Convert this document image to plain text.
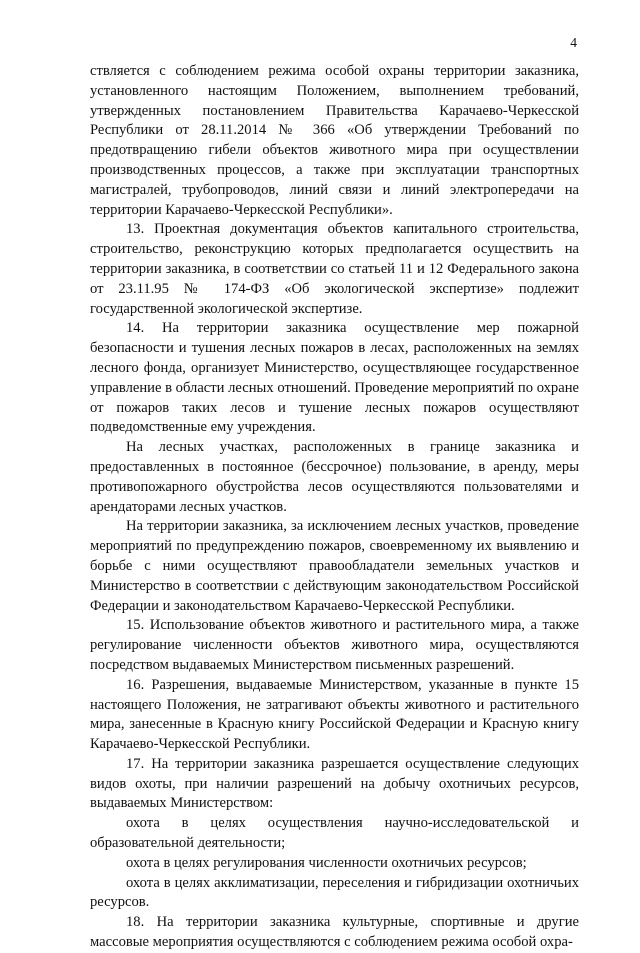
4

ствляется с соблюдением режима особой охраны территории заказника, установленного настоящим Положением, выполнением требований, утвержденных постановлением Правительства Карачаево-Черкесской Республики от 28.11.2014 № 366 «Об утверждении Требований по предотвращению гибели объектов животного мира при осуществлении производственных процессов, а также при эксплуатации транспортных магистралей, трубопроводов, линий связи и линий электропередачи на территории Карачаево-Черкесской Республики».

13. Проектная документация объектов капитального строительства, строительство, реконструкцию которых предполагается осуществить на территории заказника, в соответствии со статьей 11 и 12 Федерального закона от 23.11.95 № 174-ФЗ «Об экологической экспертизе» подлежит государственной экологической экспертизе.

14. На территории заказника осуществление мер пожарной безопасности и тушения лесных пожаров в лесах, расположенных на землях лесного фонда, организует Министерство, осуществляющее государственное управление в области лесных отношений. Проведение мероприятий по охране от пожаров таких лесов и тушение лесных пожаров осуществляют подведомственные ему учреждения.

На лесных участках, расположенных в границе заказника и предоставленных в постоянное (бессрочное) пользование, в аренду, меры противопожарного обустройства лесов осуществляются пользователями и арендаторами лесных участков.

На территории заказника, за исключением лесных участков, проведение мероприятий по предупреждению пожаров, своевременному их выявлению и борьбе с ними осуществляют правообладатели земельных участков и Министерство в соответствии с действующим законодательством Российской Федерации и законодательством Карачаево-Черкесской Республики.

15. Использование объектов животного и растительного мира, а также регулирование численности объектов животного мира, осуществляются посредством выдаваемых Министерством письменных разрешений.

16. Разрешения, выдаваемые Министерством, указанные в пункте 15 настоящего Положения, не затрагивают объекты животного и растительного мира, занесенные в Красную книгу Российской Федерации и Красную книгу Карачаево-Черкесской Республики.

17. На территории заказника разрешается осуществление следующих видов охоты, при наличии разрешений на добычу охотничьих ресурсов, выдаваемых Министерством:

охота в целях осуществления научно-исследовательской и образовательной деятельности;

охота в целях регулирования численности охотничьих ресурсов;

охота в целях акклиматизации, переселения и гибридизации охотничьих ресурсов.

18. На территории заказника культурные, спортивные и другие массовые мероприятия осуществляются с соблюдением режима особой охра-
